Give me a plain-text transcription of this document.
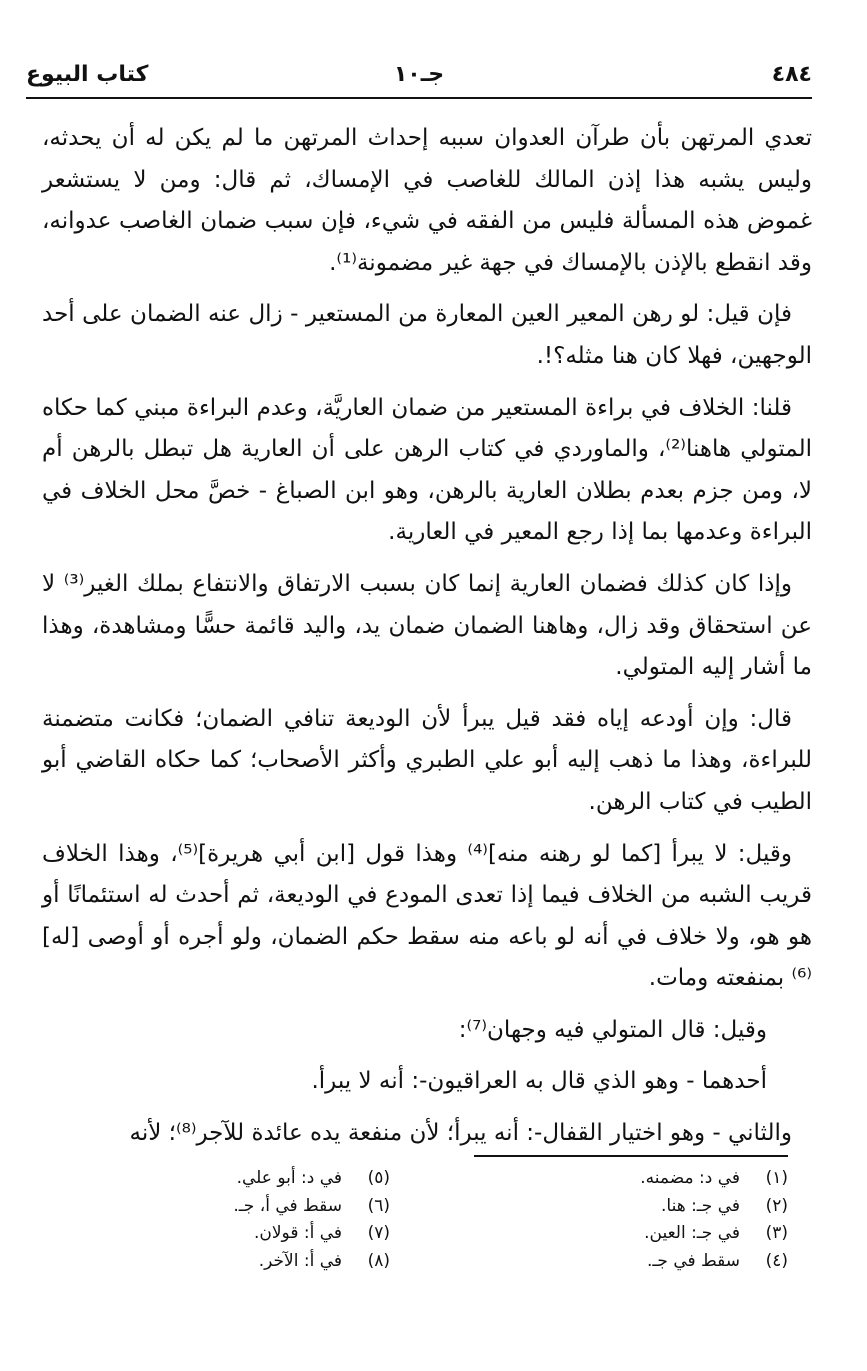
٤٨٤
جـ١٠
كتاب البيوع

تعدي المرتهن بأن طرآن العدوان سببه إحداث المرتهن ما لم يكن له أن يحدثه، وليس يشبه هذا إذن المالك للغاصب في الإمساك، ثم قال: ومن لا يستشعر غموض هذه المسألة فليس من الفقه في شيء، فإن سبب ضمان الغاصب عدوانه، وقد انقطع بالإذن بالإمساك في جهة غير مضمونة⁽¹⁾.

فإن قيل: لو رهن المعير العين المعارة من المستعير - زال عنه الضمان على أحد الوجهين، فهلا كان هنا مثله؟!.

قلنا: الخلاف في براءة المستعير من ضمان العاريَّة، وعدم البراءة مبني كما حكاه المتولي هاهنا⁽²⁾، والماوردي في كتاب الرهن على أن العارية هل تبطل بالرهن أم لا، ومن جزم بعدم بطلان العارية بالرهن، وهو ابن الصباغ - خصَّ محل الخلاف في البراءة وعدمها بما إذا رجع المعير في العارية.

وإذا كان كذلك فضمان العارية إنما كان بسبب الارتفاق والانتفاع بملك الغير⁽³⁾ لا عن استحقاق وقد زال، وهاهنا الضمان ضمان يد، واليد قائمة حسًّا ومشاهدة، وهذا ما أشار إليه المتولي.

قال: وإن أودعه إياه فقد قيل يبرأ لأن الوديعة تنافي الضمان؛ فكانت متضمنة للبراءة، وهذا ما ذهب إليه أبو علي الطبري وأكثر الأصحاب؛ كما حكاه القاضي أبو الطيب في كتاب الرهن.

وقيل: لا يبرأ [كما لو رهنه منه]⁽⁴⁾ وهذا قول [ابن أبي هريرة]⁽⁵⁾، وهذا الخلاف قريب الشبه من الخلاف فيما إذا تعدى المودع في الوديعة، ثم أحدث له استئمانًا أو هو هو، ولا خلاف في أنه لو باعه منه سقط حكم الضمان، ولو أجره أو أوصى [له]⁽⁶⁾ بمنفعته ومات.

وقيل: قال المتولي فيه وجهان⁽⁷⁾:

أحدهما - وهو الذي قال به العراقيون-: أنه لا يبرأ.

والثاني - وهو اختيار القفال-: أنه يبرأ؛ لأن منفعة يده عائدة للآجر⁽⁸⁾؛ لأنه

(١)
في د: مضمنه.
(٢)
في جـ: هنا.
(٣)
في جـ: العين.
(٤)
سقط في جـ.
(٥)
في د: أبو علي.
(٦)
سقط في أ، جـ.
(٧)
في أ: قولان.
(٨)
في أ: الآخر.
